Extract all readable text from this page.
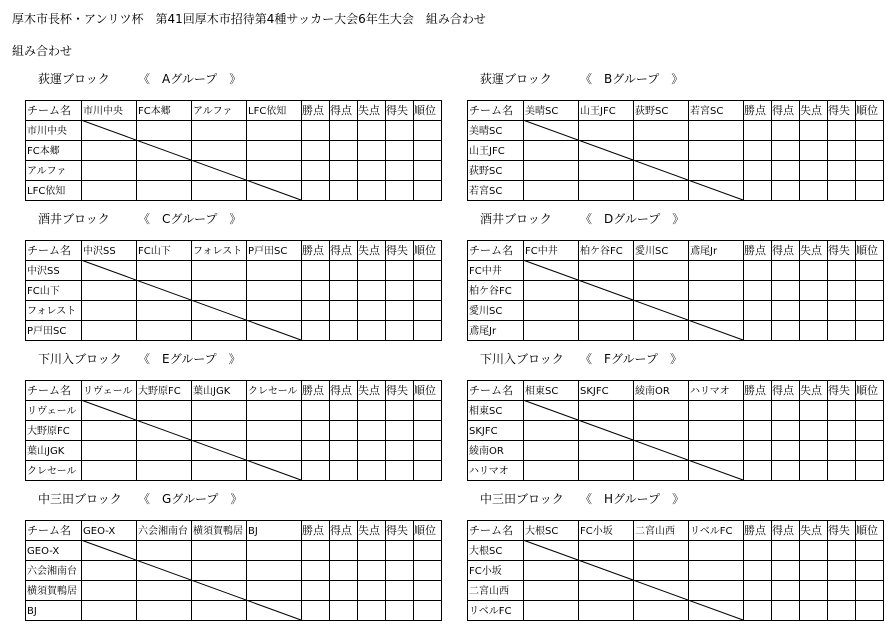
厚木市長杯・アンリツ杯　第41回厚木市招待第4種サッカー大会6年生大会　組み合わせ
組み合わせ
荻運ブロック 《　Aグループ　》
チーム名 市川中央 FC本郷 アルファ LFC依知 勝点 得点 失点 得失 順位
市川中央
FC本郷
アルファ
LFC依知
荻運ブロック 《　Bグループ　》
チーム名 美晴SC 山王JFC 荻野SC 若宮SC 勝点 得点 失点 得失 順位
美晴SC
山王JFC
荻野SC
若宮SC
酒井ブロック 《　Cグループ　》
チーム名 中沢SS FC山下 フォレスト P戸田SC 勝点 得点 失点 得失 順位
中沢SS
FC山下
フォレスト
P戸田SC
酒井ブロック 《　Dグループ　》
チーム名 FC中井 柏ケ谷FC 愛川SC 鳶尾Jr 勝点 得点 失点 得失 順位
FC中井
柏ケ谷FC
愛川SC
鳶尾Jr
下川入ブロック 《　Eグループ　》
チーム名 リヴェール 大野原FC 葉山JGK クレセール 勝点 得点 失点 得失 順位
リヴェール
大野原FC
葉山JGK
クレセール
下川入ブロック 《　Fグループ　》
チーム名 相東SC SKJFC	綾南OR ハリマオ 勝点 得点 失点 得失 順位
相東SC
SKJFC
綾南OR
ハリマオ
中三田ブロック 《　Gグループ　》
チーム名 GEO-X 六会湘南台 横須賀鴨居 BJ	勝点 得点 失点 得失 順位
GEO-X
六会湘南台
横須賀鴨居
BJ
中三田ブロック 《　Hグループ　》
チーム名 大根SC FC小坂 二宮山西 リベルFC 勝点 得点 失点 得失 順位
大根SC
FC小坂
二宮山西
リベルFC
